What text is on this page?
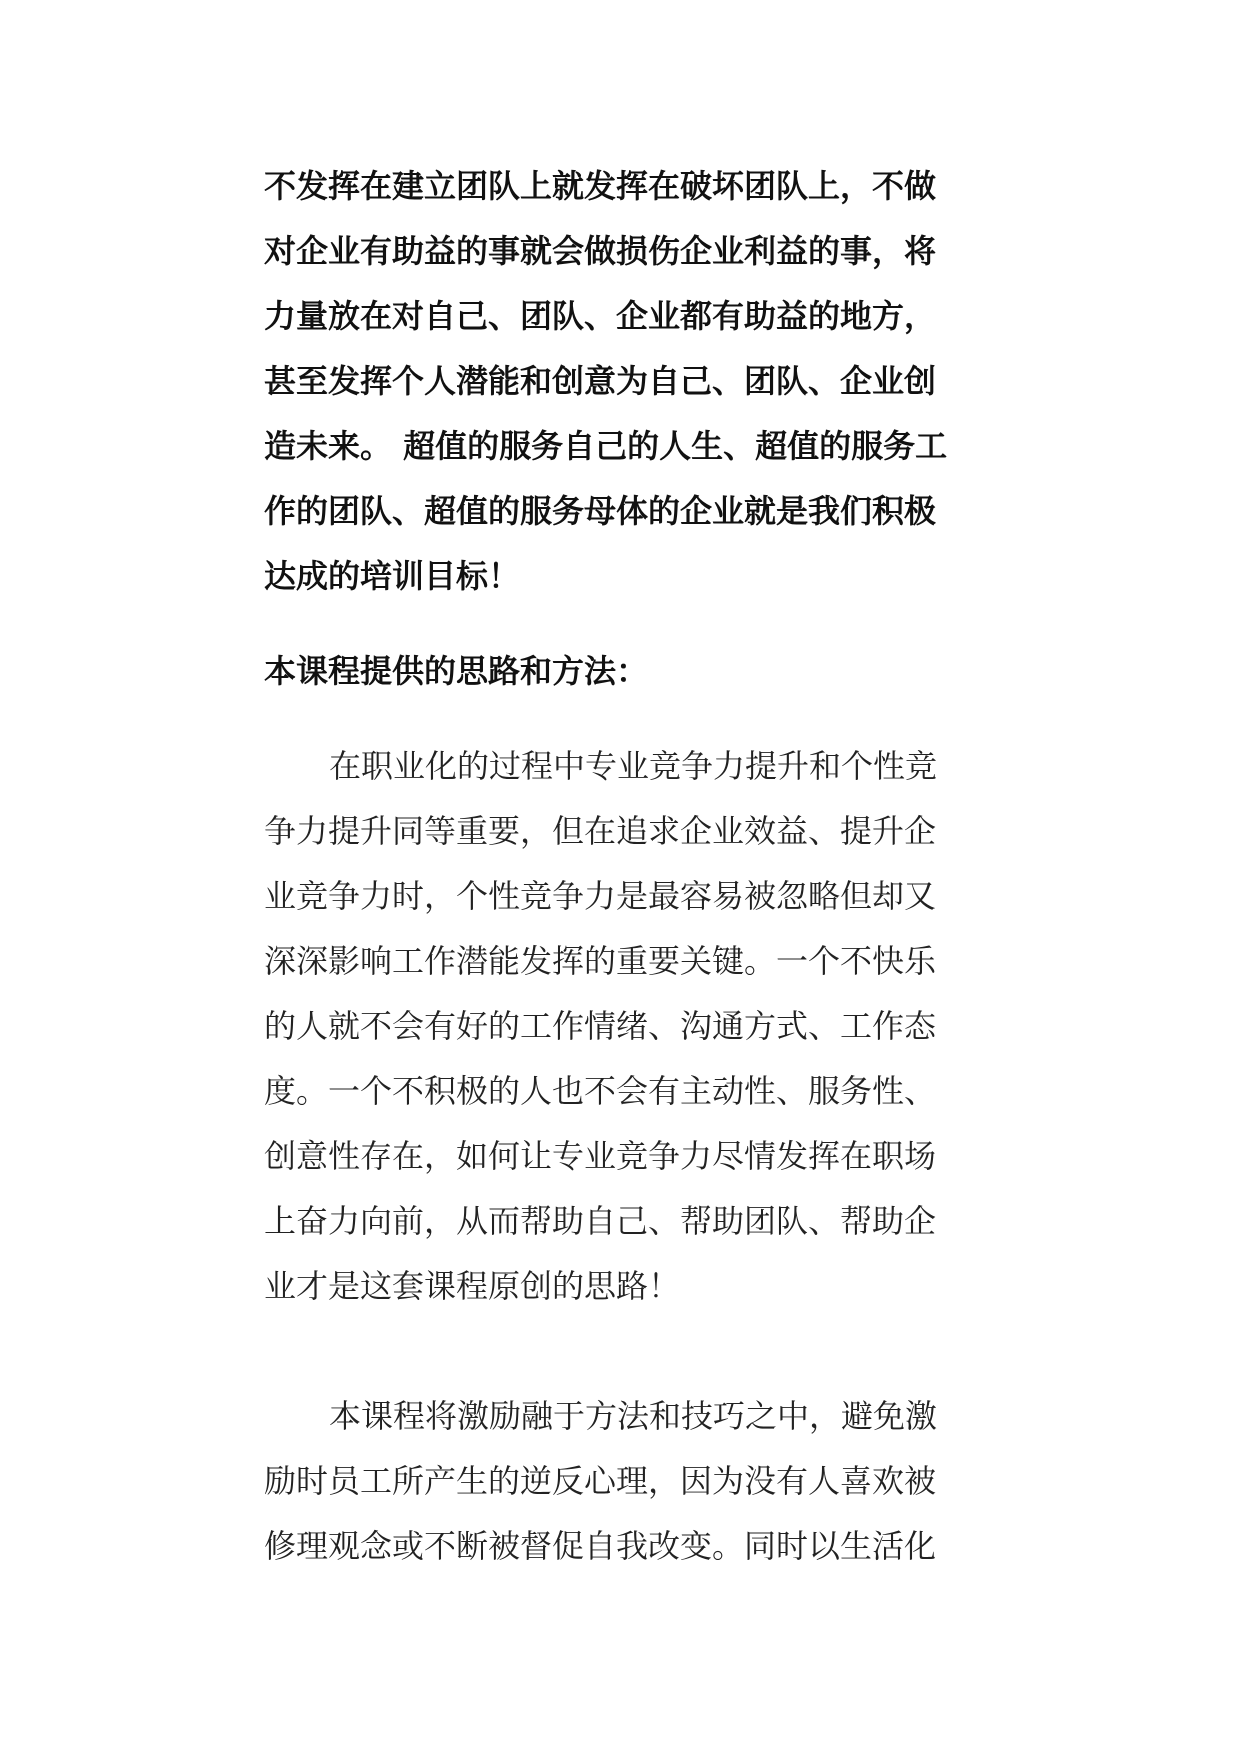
不发挥在建立团队上就发挥在破坏团队上，不做
对企业有助益的事就会做损伤企业利益的事，将
力量放在对自己、团队、企业都有助益的地方，
甚至发挥个人潜能和创意为自己、团队、企业创
造未来。 超值的服务自己的人生、超值的服务工
作的团队、超值的服务母体的企业就是我们积极
达成的培训目标！
本课程提供的思路和方法：
在职业化的过程中专业竞争力提升和个性竞
争力提升同等重要，但在追求企业效益、提升企
业竞争力时，个性竞争力是最容易被忽略但却又
深深影响工作潜能发挥的重要关键。一个不快乐
的人就不会有好的工作情绪、沟通方式、工作态
度。一个不积极的人也不会有主动性、服务性、
创意性存在，如何让专业竞争力尽情发挥在职场
上奋力向前，从而帮助自己、帮助团队、帮助企
业才是这套课程原创的思路！
本课程将激励融于方法和技巧之中，避免激
励时员工所产生的逆反心理，因为没有人喜欢被
修理观念或不断被督促自我改变。同时以生活化
